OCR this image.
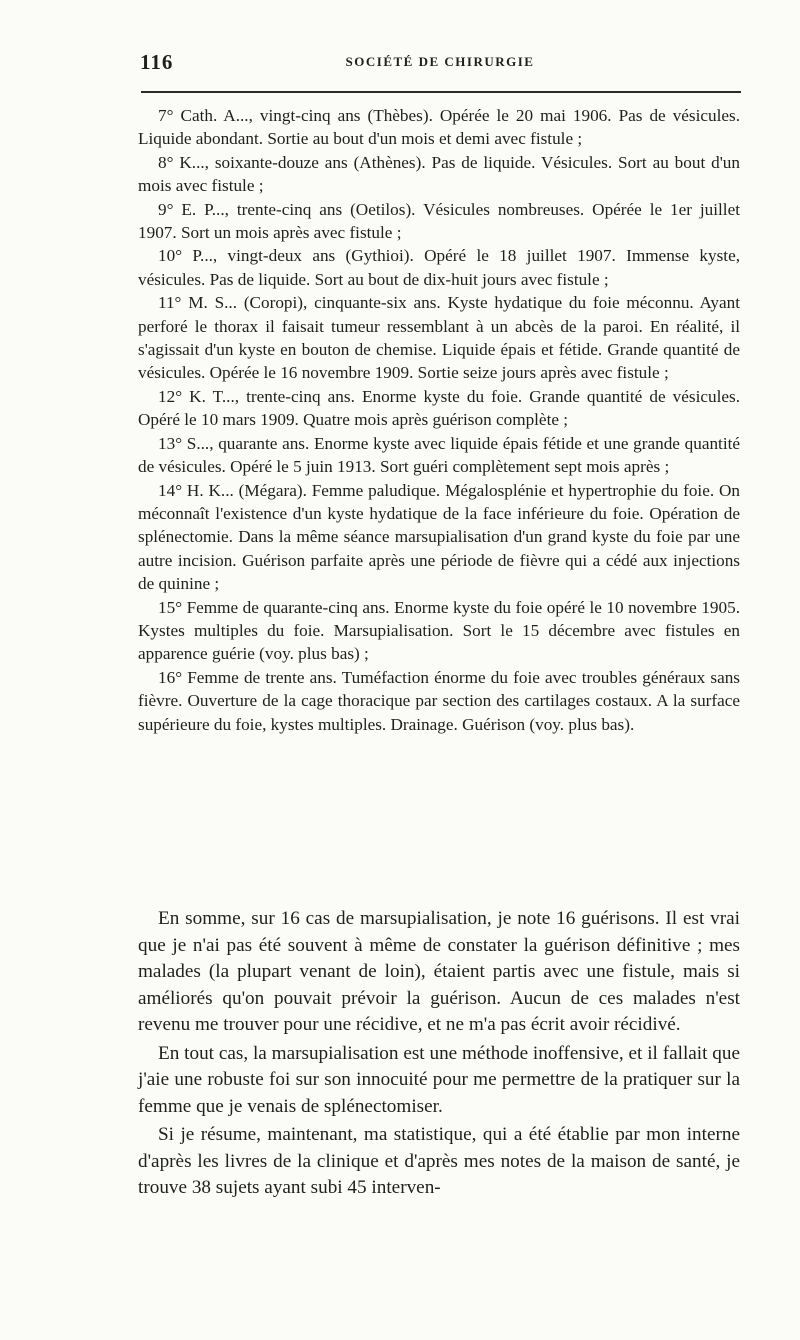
116	SOCIÉTÉ DE CHIRURGIE

7° Cath. A..., vingt-cinq ans (Thèbes). Opérée le 20 mai 1906. Pas de vésicules. Liquide abondant. Sortie au bout d'un mois et demi avec fistule ;

8° K..., soixante-douze ans (Athènes). Pas de liquide. Vésicules. Sort au bout d'un mois avec fistule ;

9° E. P..., trente-cinq ans (Oetilos). Vésicules nombreuses. Opérée le 1er juillet 1907. Sort un mois après avec fistule ;

10° P..., vingt-deux ans (Gythioi). Opéré le 18 juillet 1907. Immense kyste, vésicules. Pas de liquide. Sort au bout de dix-huit jours avec fistule ;

11° M. S... (Coropi), cinquante-six ans. Kyste hydatique du foie méconnu. Ayant perforé le thorax il faisait tumeur ressemblant à un abcès de la paroi. En réalité, il s'agissait d'un kyste en bouton de chemise. Liquide épais et fétide. Grande quantité de vésicules. Opérée le 16 novembre 1909. Sortie seize jours après avec fistule ;

12° K. T..., trente-cinq ans. Enorme kyste du foie. Grande quantité de vésicules. Opéré le 10 mars 1909. Quatre mois après guérison complète ;

13° S..., quarante ans. Enorme kyste avec liquide épais fétide et une grande quantité de vésicules. Opéré le 5 juin 1913. Sort guéri complètement sept mois après ;

14° H. K... (Mégara). Femme paludique. Mégalosplénie et hypertrophie du foie. On méconnaît l'existence d'un kyste hydatique de la face inférieure du foie. Opération de splénectomie. Dans la même séance marsupialisation d'un grand kyste du foie par une autre incision. Guérison parfaite après une période de fièvre qui a cédé aux injections de quinine ;

15° Femme de quarante-cinq ans. Enorme kyste du foie opéré le 10 novembre 1905. Kystes multiples du foie. Marsupialisation. Sort le 15 décembre avec fistules en apparence guérie (voy. plus bas) ;

16° Femme de trente ans. Tuméfaction énorme du foie avec troubles généraux sans fièvre. Ouverture de la cage thoracique par section des cartilages costaux. A la surface supérieure du foie, kystes multiples. Drainage. Guérison (voy. plus bas).

En somme, sur 16 cas de marsupialisation, je note 16 guérisons. Il est vrai que je n'ai pas été souvent à même de constater la guérison définitive ; mes malades (la plupart venant de loin), étaient partis avec une fistule, mais si améliorés qu'on pouvait prévoir la guérison. Aucun de ces malades n'est revenu me trouver pour une récidive, et ne m'a pas écrit avoir récidivé.

En tout cas, la marsupialisation est une méthode inoffensive, et il fallait que j'aie une robuste foi sur son innocuité pour me permettre de la pratiquer sur la femme que je venais de splénectomiser.

Si je résume, maintenant, ma statistique, qui a été établie par mon interne d'après les livres de la clinique et d'après mes notes de la maison de santé, je trouve 38 sujets ayant subi 45 interven-
